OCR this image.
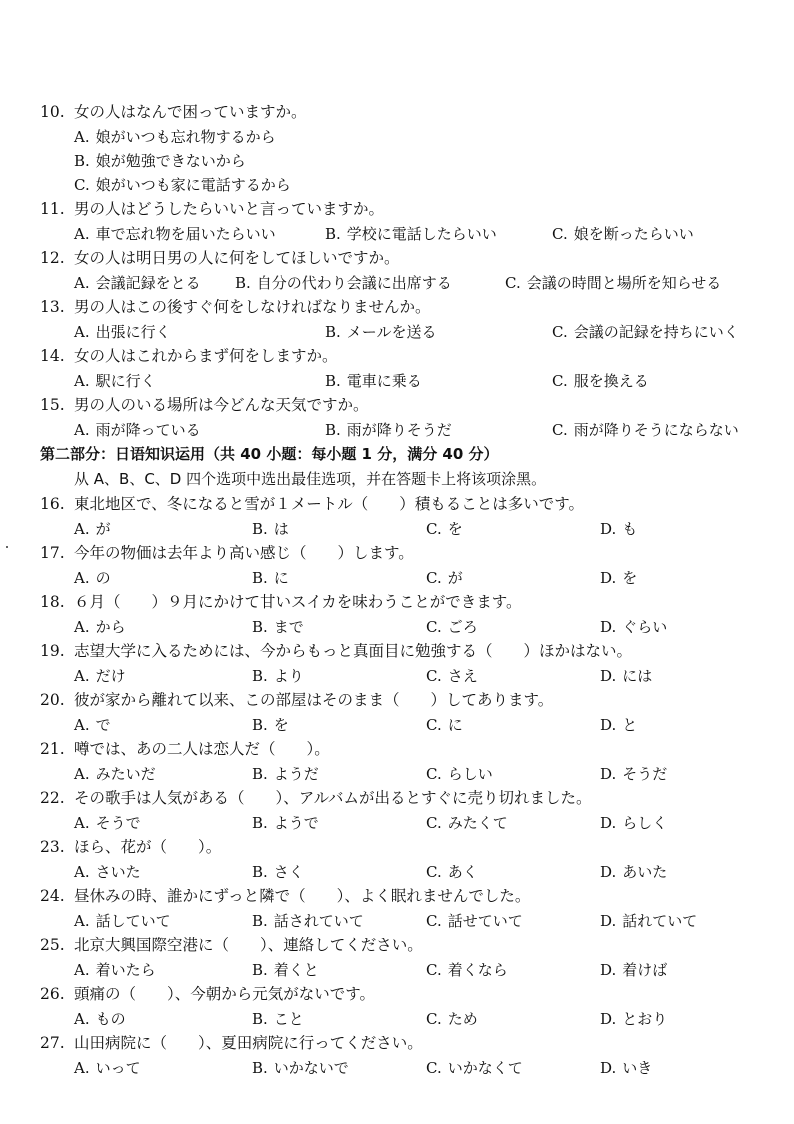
10. 女の人はなんで困っていますか。
A. 娘がいつも忘れ物するから
B. 娘が勉強できないから
C. 娘がいつも家に電話するから
11. 男の人はどうしたらいいと言っていますか。
A. 車で忘れ物を届いたらいい	B. 学校に電話したらいい	C. 娘を断ったらいい
12. 女の人は明日男の人に何をしてほしいですか。
A. 会議記録をとる B. 自分の代わり会議に出席する	C. 会議の時間と場所を知らせる
13. 男の人はこの後すぐ何をしなければなりませんか。
A. 出張に行く	B. メールを送る	C. 会議の記録を持ちにいく
14. 女の人はこれからまず何をしますか。
A. 駅に行く	B. 電車に乗る	C. 服を換える
15. 男の人のいる場所は今どんな天気ですか。
A. 雨が降っている	B. 雨が降りそうだ	C. 雨が降りそうにならない
第二部分：日语知识运用（共 40 小题：每小题 1 分，满分 40 分）
从 A、B、C、D 四个选项中选出最佳选项，并在答题卡上将该项涂黑。
16. 東北地区で、冬になると雪が１メートル（　　）積もることは多いです。
A. が	B. は	C. を	D. も
17. 今年の物価は去年より高い感じ（　　）します。
A. の	B. に	C. が	D. を
18. ６月（　　）９月にかけて甘いスイカを味わうことができます。
A. から	B. まで	C. ごろ	D. ぐらい
19. 志望大学に入るためには、今からもっと真面目に勉強する（　　）ほかはない。
A. だけ	B. より	C. さえ	D. には
20. 彼が家から離れて以来、この部屋はそのまま（　　）してあります。
A. で	B. を	C. に	D. と
21. 噂では、あの二人は恋人だ（　　）。
A. みたいだ	B. ようだ	C. らしい	D. そうだ
22. その歌手は人気がある（　　）、アルバムが出るとすぐに売り切れました。
A. そうで	B. ようで	C. みたくて	D. らしく
23. ほら、花が（　　）。
A. さいた	B. さく	C. あく	D. あいた
24. 昼休みの時、誰かにずっと隣で（　　）、よく眠れませんでした。
A. 話していて	B. 話されていて	C. 話せていて	D. 話れていて
25. 北京大興国際空港に（　　）、連絡してください。
A. 着いたら	B. 着くと	C. 着くなら	D. 着けば
26. 頭痛の（　　）、今朝から元気がないです。
A. もの	B. こと	C. ため	D. とおり
27. 山田病院に（　　）、夏田病院に行ってください。
A. いって	B. いかないで	C. いかなくて	D. いき
